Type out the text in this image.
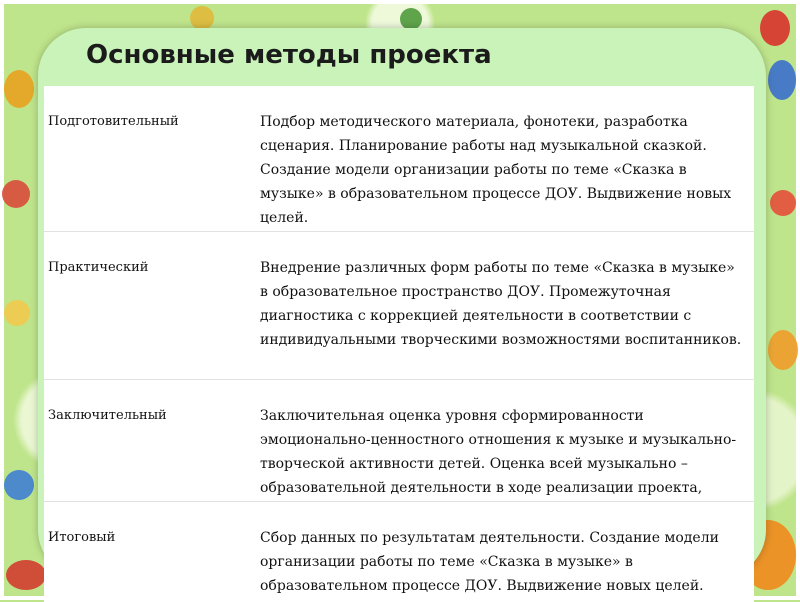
Основные методы проекта
Подготовительный	Подбор методического материала, фонотеки, разработка сценария. Планирование работы над музыкальной сказкой. Создание модели организации работы по теме «Сказка в музыке» в образовательном процессе ДОУ. Выдвижение новых целей.
Практический	Внедрение различных форм работы по теме «Сказка в музыке» в образовательное пространство ДОУ. Промежуточная диагностика с коррекцией деятельности в соответствии с индивидуальными творческими возможностями воспитанников.
Заключительный	Заключительная оценка уровня сформированности эмоционально-ценностного отношения к музыке и музыкально-творческой активности детей. Оценка всей музыкально – образовательной деятельности в ходе реализации проекта,
Итоговый	Сбор данных по результатам деятельности. Создание модели организации работы по теме «Сказка в музыке» в образовательном процессе ДОУ. Выдвижение новых целей.
